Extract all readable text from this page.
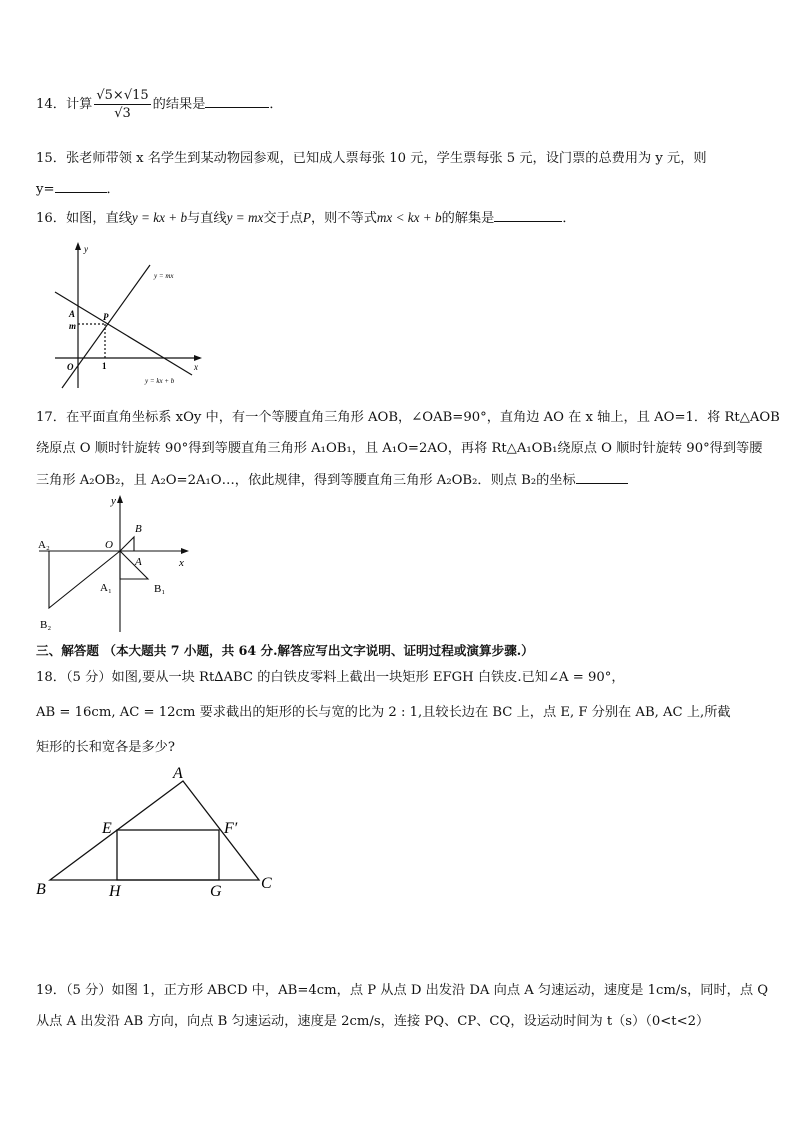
14．计算 $\frac{√5\times√15}{√3}$ 的结果是	．
15．张老师带领 x 名学生到某动物园参观，已知成人票每张 10 元，学生票每张 5 元，设门票的总费用为 y 元，则
y=	．
16．如图，直线y = kx + b与直线y = mx交于点P，则不等式mx < kx + b的解集是	．
y
x
O
A
m
P
1
y = mx
y = kx + b
17．在平面直角坐标系 xOy 中，有一个等腰直角三角形 AOB，∠OAB=90°，直角边 AO 在 x 轴上，且 AO=1．将 Rt△AOB
绕原点 O 顺时针旋转 90°得到等腰直角三角形 A₁OB₁，且 A₁O=2AO，再将 Rt△A₁OB₁绕原点 O 顺时针旋转 90°得到等腰
三角形 A₂OB₂，且 A₂O=2A₁O…，依此规律，得到等腰直角三角形 A₂OB₂．则点 B₂的坐标
y
x
O
B
A
A₁	B₁
A₂
B₂
三、解答题 （本大题共 7 小题，共 64 分.解答应写出文字说明、证明过程或演算步骤.）
18．（5 分）如图,要从一块 Rt∆ABC 的白铁皮零料上截出一块矩形 EFGH 白铁皮.已知∠A = 90°，
AB = 16cm, AC = 12cm 要求截出的矩形的长与宽的比为 2 : 1,且较长边在 BC 上，点 E, F 分别在 AB, AC 上,所截
矩形的长和宽各是多少?
A
B	C
E	F′
H	G
19．（5 分）如图 1，正方形 ABCD 中，AB=4cm，点 P 从点 D 出发沿 DA 向点 A 匀速运动，速度是 1cm/s，同时，点 Q
从点 A 出发沿 AB 方向，向点 B 匀速运动，速度是 2cm/s，连接 PQ、CP、CQ，设运动时间为 t（s）（0<t<2）
